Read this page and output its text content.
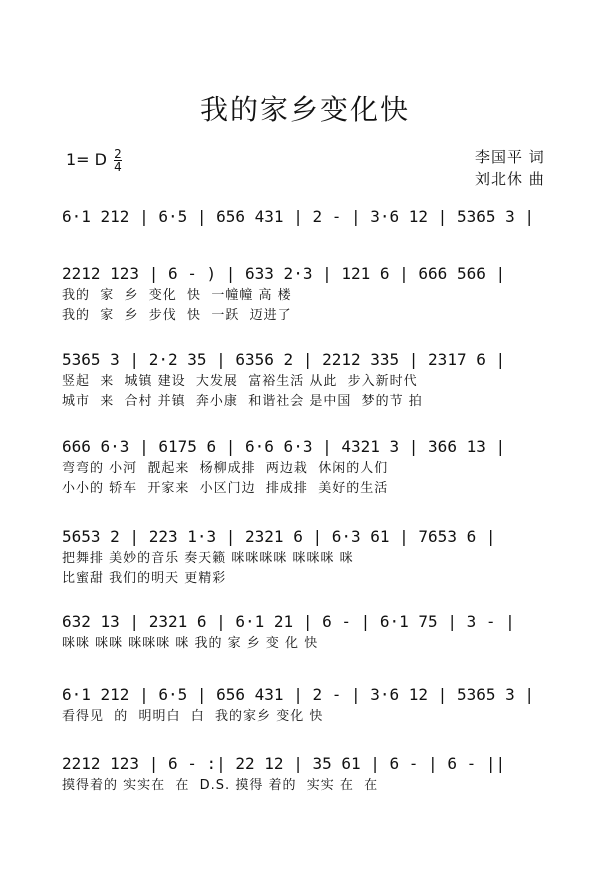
我的家乡变化快
1= D $\frac{2}{4}$	李国平 词
刘北休 曲
6·1 212 | 6·5 | 656 431 | 2 - | 3·6 12 | 5365 3 |
2212 123 | 6 - ) | 633 2·3 | 121 6 | 666 566 |
我的  家  乡  变化  快  一幢幢 高 楼
我的  家  乡  步伐  快  一跃  迈进了
5365 3 | 2·2 35 | 6356 2 | 2212 335 | 2317 6 |
竖起  来  城镇 建设  大发展  富裕生活 从此  步入新时代
城市  来  合村 并镇  奔小康  和谐社会 是中国  梦的节 拍
666 6·3 | 6175 6 | 6·6 6·3 | 4321 3 | 366 13 |
弯弯的 小河  靓起来  杨柳成排  两边栽  休闲的人们
小小的 轿车  开家来  小区门边  排成排  美好的生活
5653 2 | 223 1·3 | 2321 6 | 6·3 61 | 7653 6 |
把舞排 美妙的音乐 奏天籁 咪咪咪咪 咪咪咪 咪
比蜜甜 我们的明天 更精彩
632 13 | 2321 6 | 6·1 21 | 6 - | 6·1 75 | 3 - |
咪咪 咪咪 咪咪咪 咪 我的 家 乡 变 化 快
6·1 212 | 6·5 | 656 431 | 2 - | 3·6 12 | 5365 3 |
看得见  的  明明白  白  我的家乡 变化 快
2212 123 | 6 - :| 22 12 | 35 61 | 6 - | 6 - ||
摸得着的 实实在  在  D.S. 摸得 着的  实实 在  在
